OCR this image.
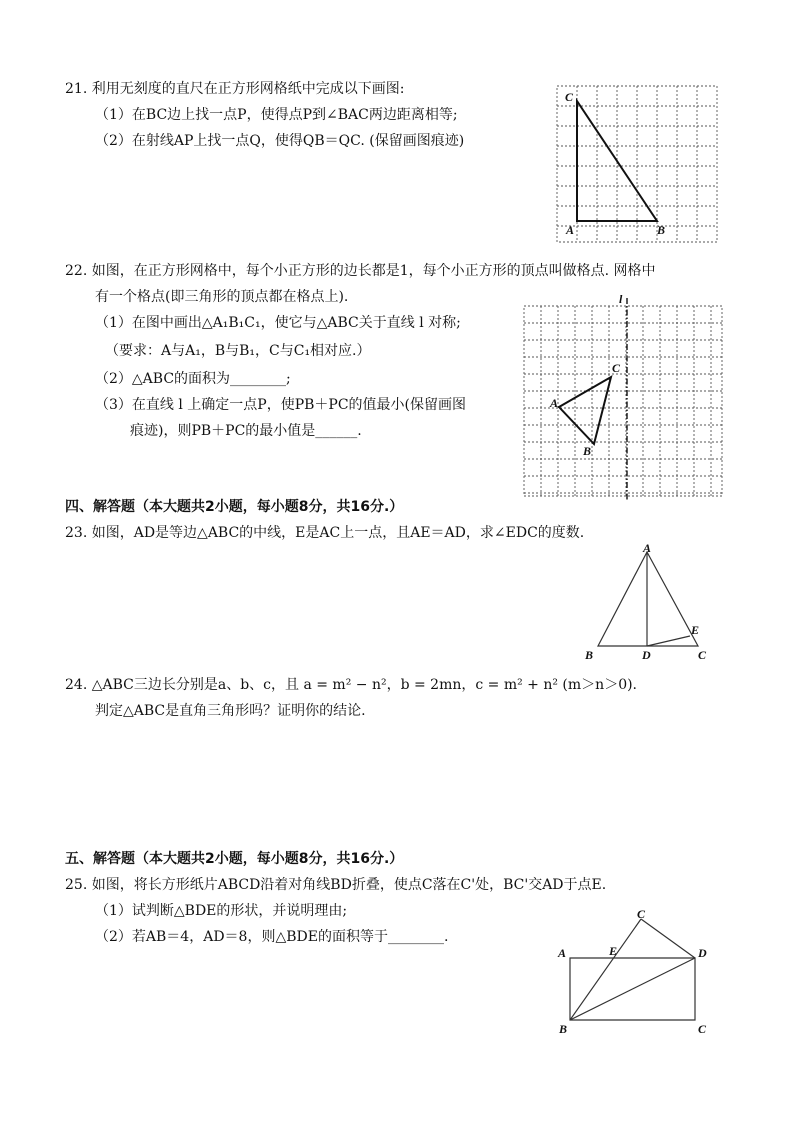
21. 利用无刻度的直尺在正方形网格纸中完成以下画图:
（1）在BC边上找一点P，使得点P到∠BAC两边距离相等;
（2）在射线AP上找一点Q，使得QB＝QC. (保留画图痕迹)
C
A	B
22. 如图，在正方形网格中，每个小正方形的边长都是1，每个小正方形的顶点叫做格点. 网格中
有一个格点(即三角形的顶点都在格点上).
（1）在图中画出△A₁B₁C₁，使它与△ABC关于直线 l 对称;
（要求：A与A₁，B与B₁，C与C₁相对应.）
（2）△ABC的面积为________;
（3）在直线 l 上确定一点P，使PB＋PC的值最小(保留画图
痕迹)，则PB＋PC的最小值是______.
l
A
C
B
四、解答题（本大题共2小题，每小题8分，共16分.）
23. 如图，AD是等边△ABC的中线，E是AC上一点，且AE＝AD，求∠EDC的度数.
A
B	D	C
E
24. △ABC三边长分别是a、b、c，且 a = m² − n²，b = 2mn，c = m² + n² (m＞n＞0).
判定△ABC是直角三角形吗？证明你的结论.
五、解答题（本大题共2小题，每小题8分，共16分.）
25. 如图，将长方形纸片ABCD沿着对角线BD折叠，使点C落在C'处，BC'交AD于点E.
（1）试判断△BDE的形状，并说明理由;
（2）若AB＝4，AD＝8，则△BDE的面积等于________.
C
A	E	D
B	C
